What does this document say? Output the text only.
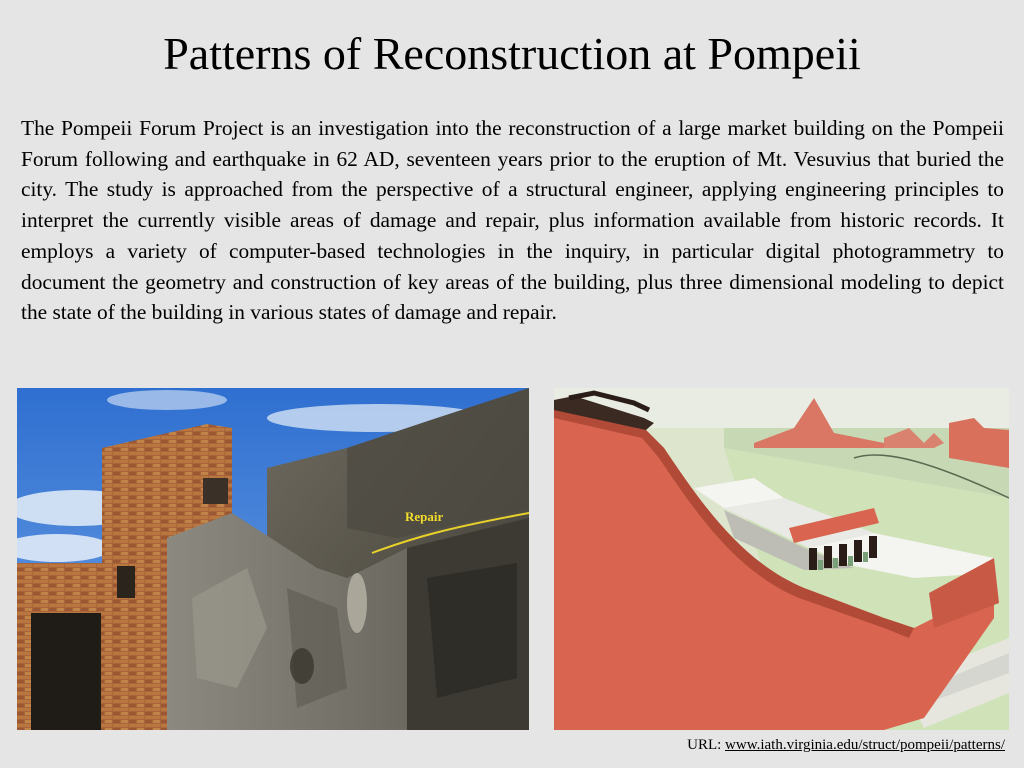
Patterns of Reconstruction at Pompeii

The Pompeii Forum Project is an investigation into the reconstruction of a large market building on the Pompeii Forum following and earthquake in 62 AD, seventeen years prior to the eruption of Mt. Vesuvius that buried the city. The study is approached from the perspective of a structural engineer, applying engineering principles to interpret the currently visible areas of damage and repair, plus information available from historic records. It employs a variety of computer-based technologies in the inquiry, in particular digital photogrammetry to document the geometry and construction of key areas of the building, plus three dimensional modeling to depict the state of the building in various states of damage and repair.

Repair
URL: www.iath.virginia.edu/struct/pompeii/patterns/
